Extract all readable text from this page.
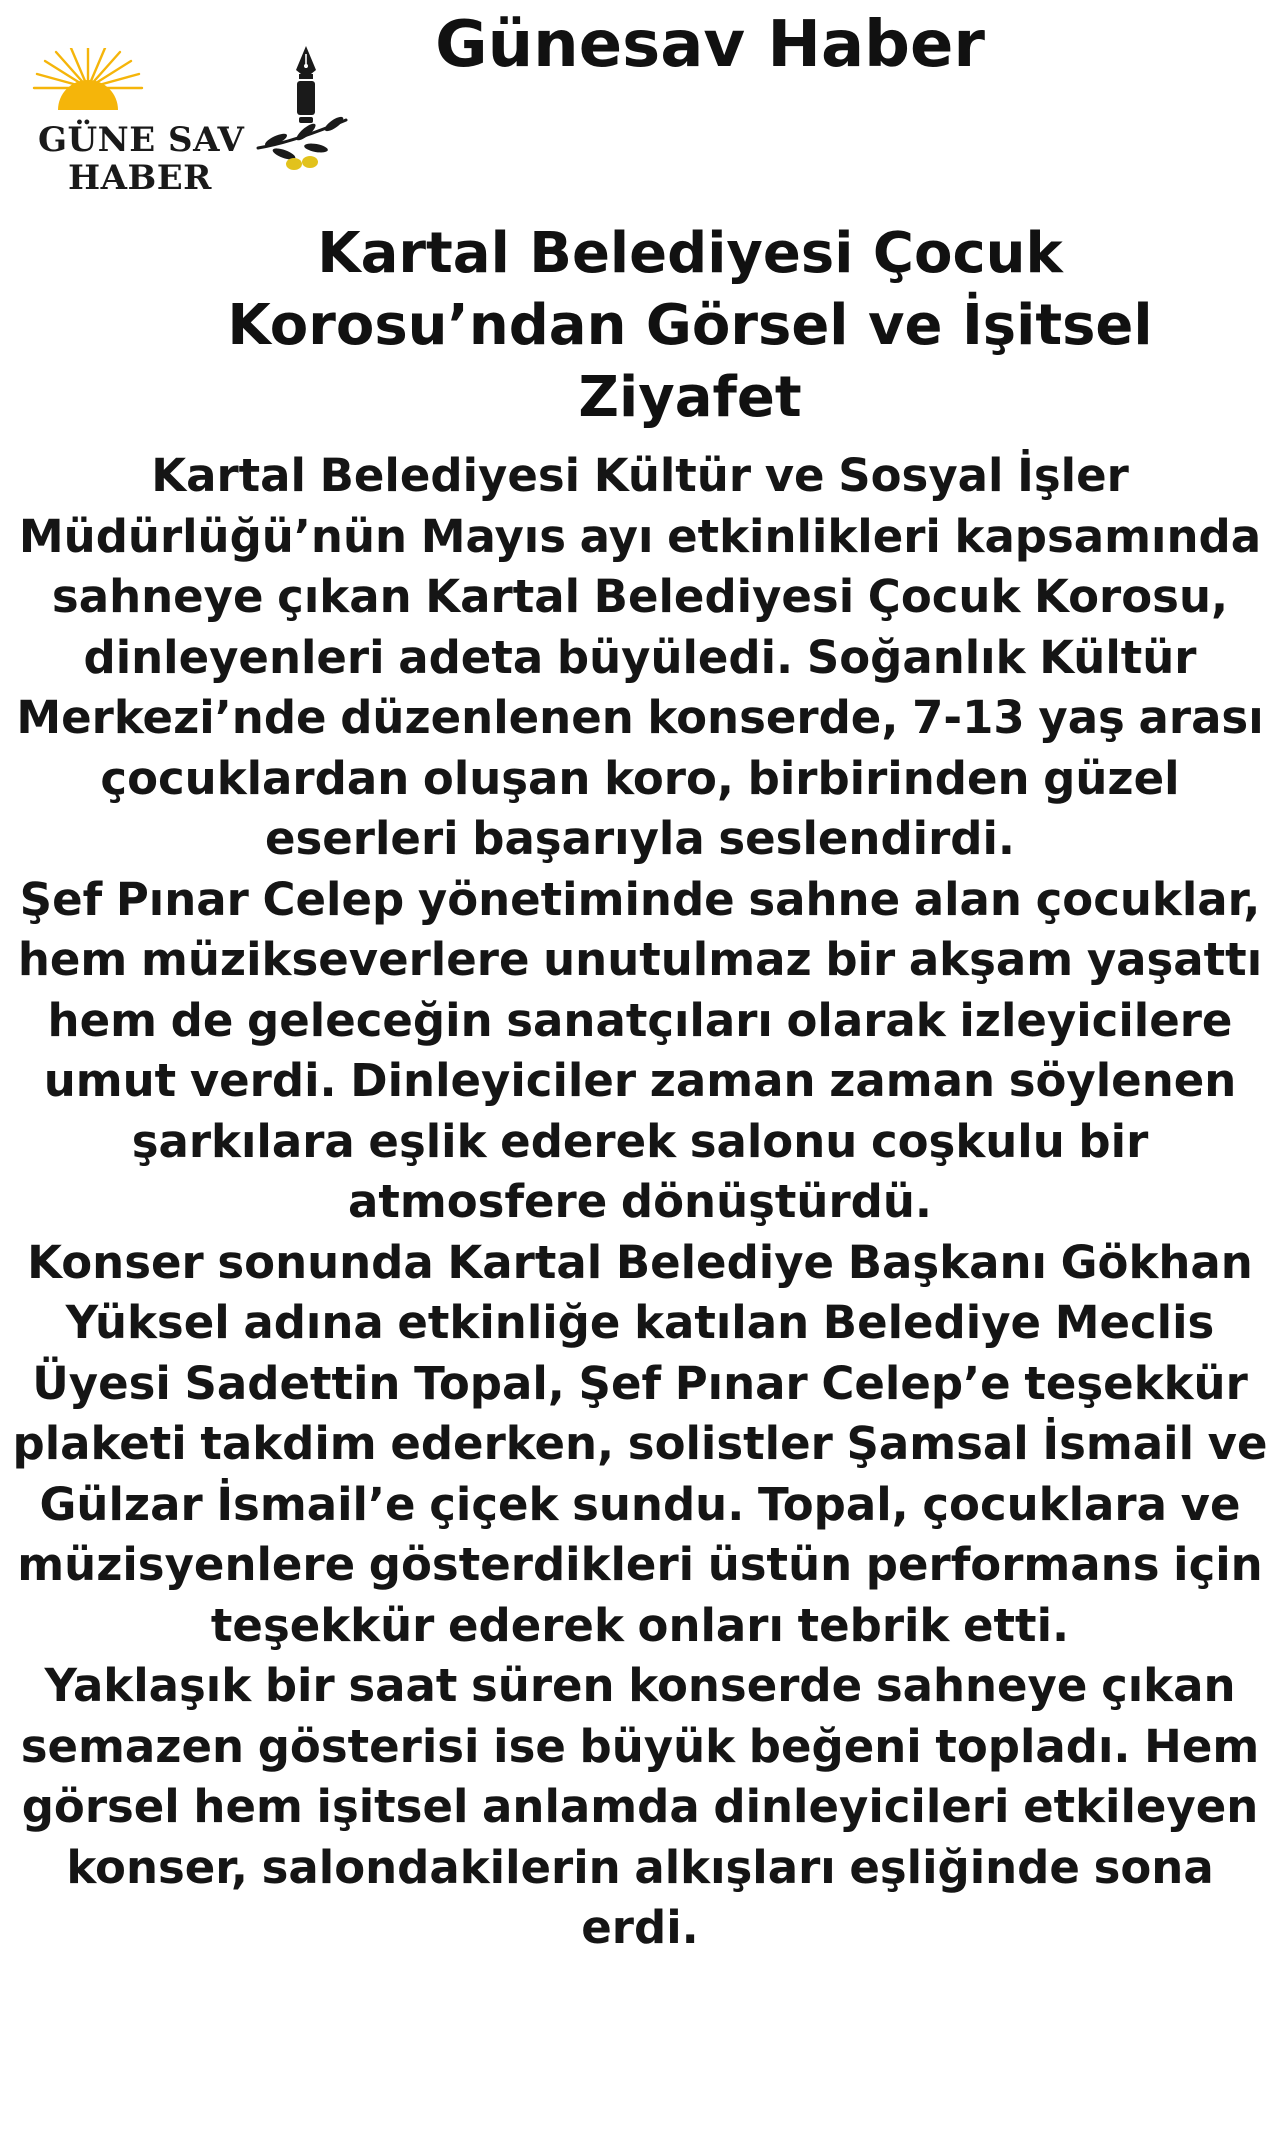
GÜNE SAV
HABER
Günesav Haber
Kartal Belediyesi Çocuk Korosu’ndan Görsel ve İşitsel Ziyafet

Kartal Belediyesi Kültür ve Sosyal İşler Müdürlüğü’nün Mayıs ayı etkinlikleri kapsamında sahneye çıkan Kartal Belediyesi Çocuk Korosu, dinleyenleri adeta büyüledi. Soğanlık Kültür Merkezi’nde düzenlenen konserde, 7-13 yaş arası çocuklardan oluşan koro, birbirinden güzel eserleri başarıyla seslendirdi.

Şef Pınar Celep yönetiminde sahne alan çocuklar, hem müzikseverlere unutulmaz bir akşam yaşattı hem de geleceğin sanatçıları olarak izleyicilere umut verdi. Dinleyiciler zaman zaman söylenen şarkılara eşlik ederek salonu coşkulu bir atmosfere dönüştürdü.

Konser sonunda Kartal Belediye Başkanı Gökhan Yüksel adına etkinliğe katılan Belediye Meclis Üyesi Sadettin Topal, Şef Pınar Celep’e teşekkür plaketi takdim ederken, solistler Şamsal İsmail ve Gülzar İsmail’e çiçek sundu. Topal, çocuklara ve müzisyenlere gösterdikleri üstün performans için teşekkür ederek onları tebrik etti.

Yaklaşık bir saat süren konserde sahneye çıkan semazen gösterisi ise büyük beğeni topladı. Hem görsel hem işitsel anlamda dinleyicileri etkileyen konser, salondakilerin alkışları eşliğinde sona erdi.
